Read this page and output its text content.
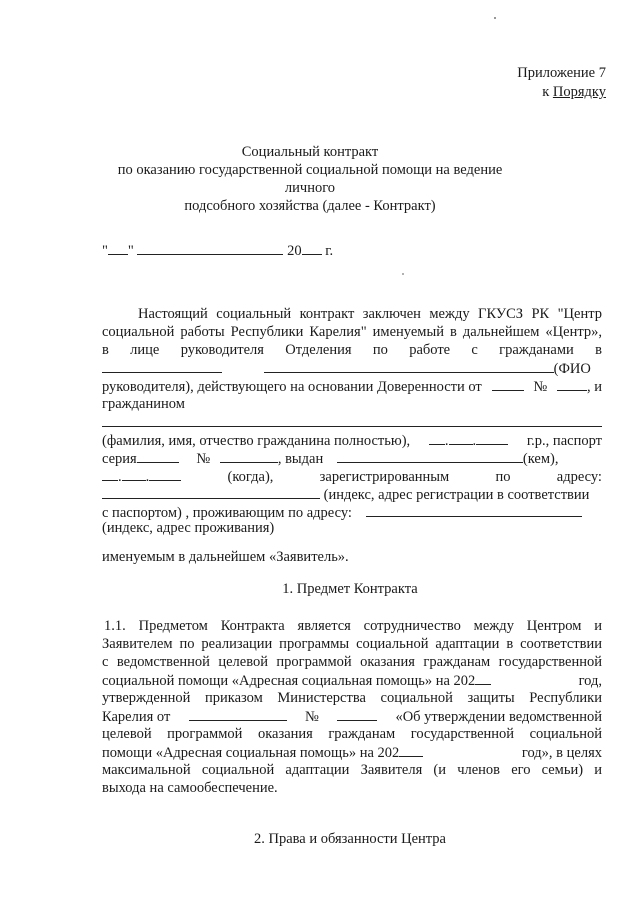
Приложение 7
к Порядку
Социальный контракт
по оказанию государственной социальной помощи на ведение личного
подсобного хозяйства (далее - Контракт)
" "	20 г.
Настоящий социальный контракт заключен между ГКУСЗ РК "Центр
социальной работы Республики Карелия" именуемый в дальнейшем «Центр»,
в лице руководителя Отделения по работе с гражданами в
(ФИО
руководителя), действующего на основании Доверенности от	№	, и
гражданином
(фамилия, имя, отчество гражданина полностью),	. .	г.р., паспорт
серия	№	, выдан	(кем),
. .	(когда),	зарегистрированным	по	адресу:
(индекс, адрес регистрации в соответствии
с паспортом) , проживающим по адресу:
(индекс, адрес проживания)
именуемым в дальнейшем «Заявитель».
1. Предмет Контракта
1.1. Предметом Контракта является сотрудничество между Центром и
Заявителем по реализации программы социальной адаптации в соответствии
с ведомственной целевой программой оказания гражданам государственной
социальной помощи «Адресная социальная помощь» на 202	год,
утвержденной приказом Министерства социальной защиты Республики
Карелия от	№	«Об утверждении ведомственной
целевой программой оказания гражданам государственной социальной
помощи «Адресная социальная помощь» на 202	год», в целях
максимальной социальной адаптации Заявителя (и членов его семьи) и
выхода на самообеспечение.
2. Права и обязанности Центра
